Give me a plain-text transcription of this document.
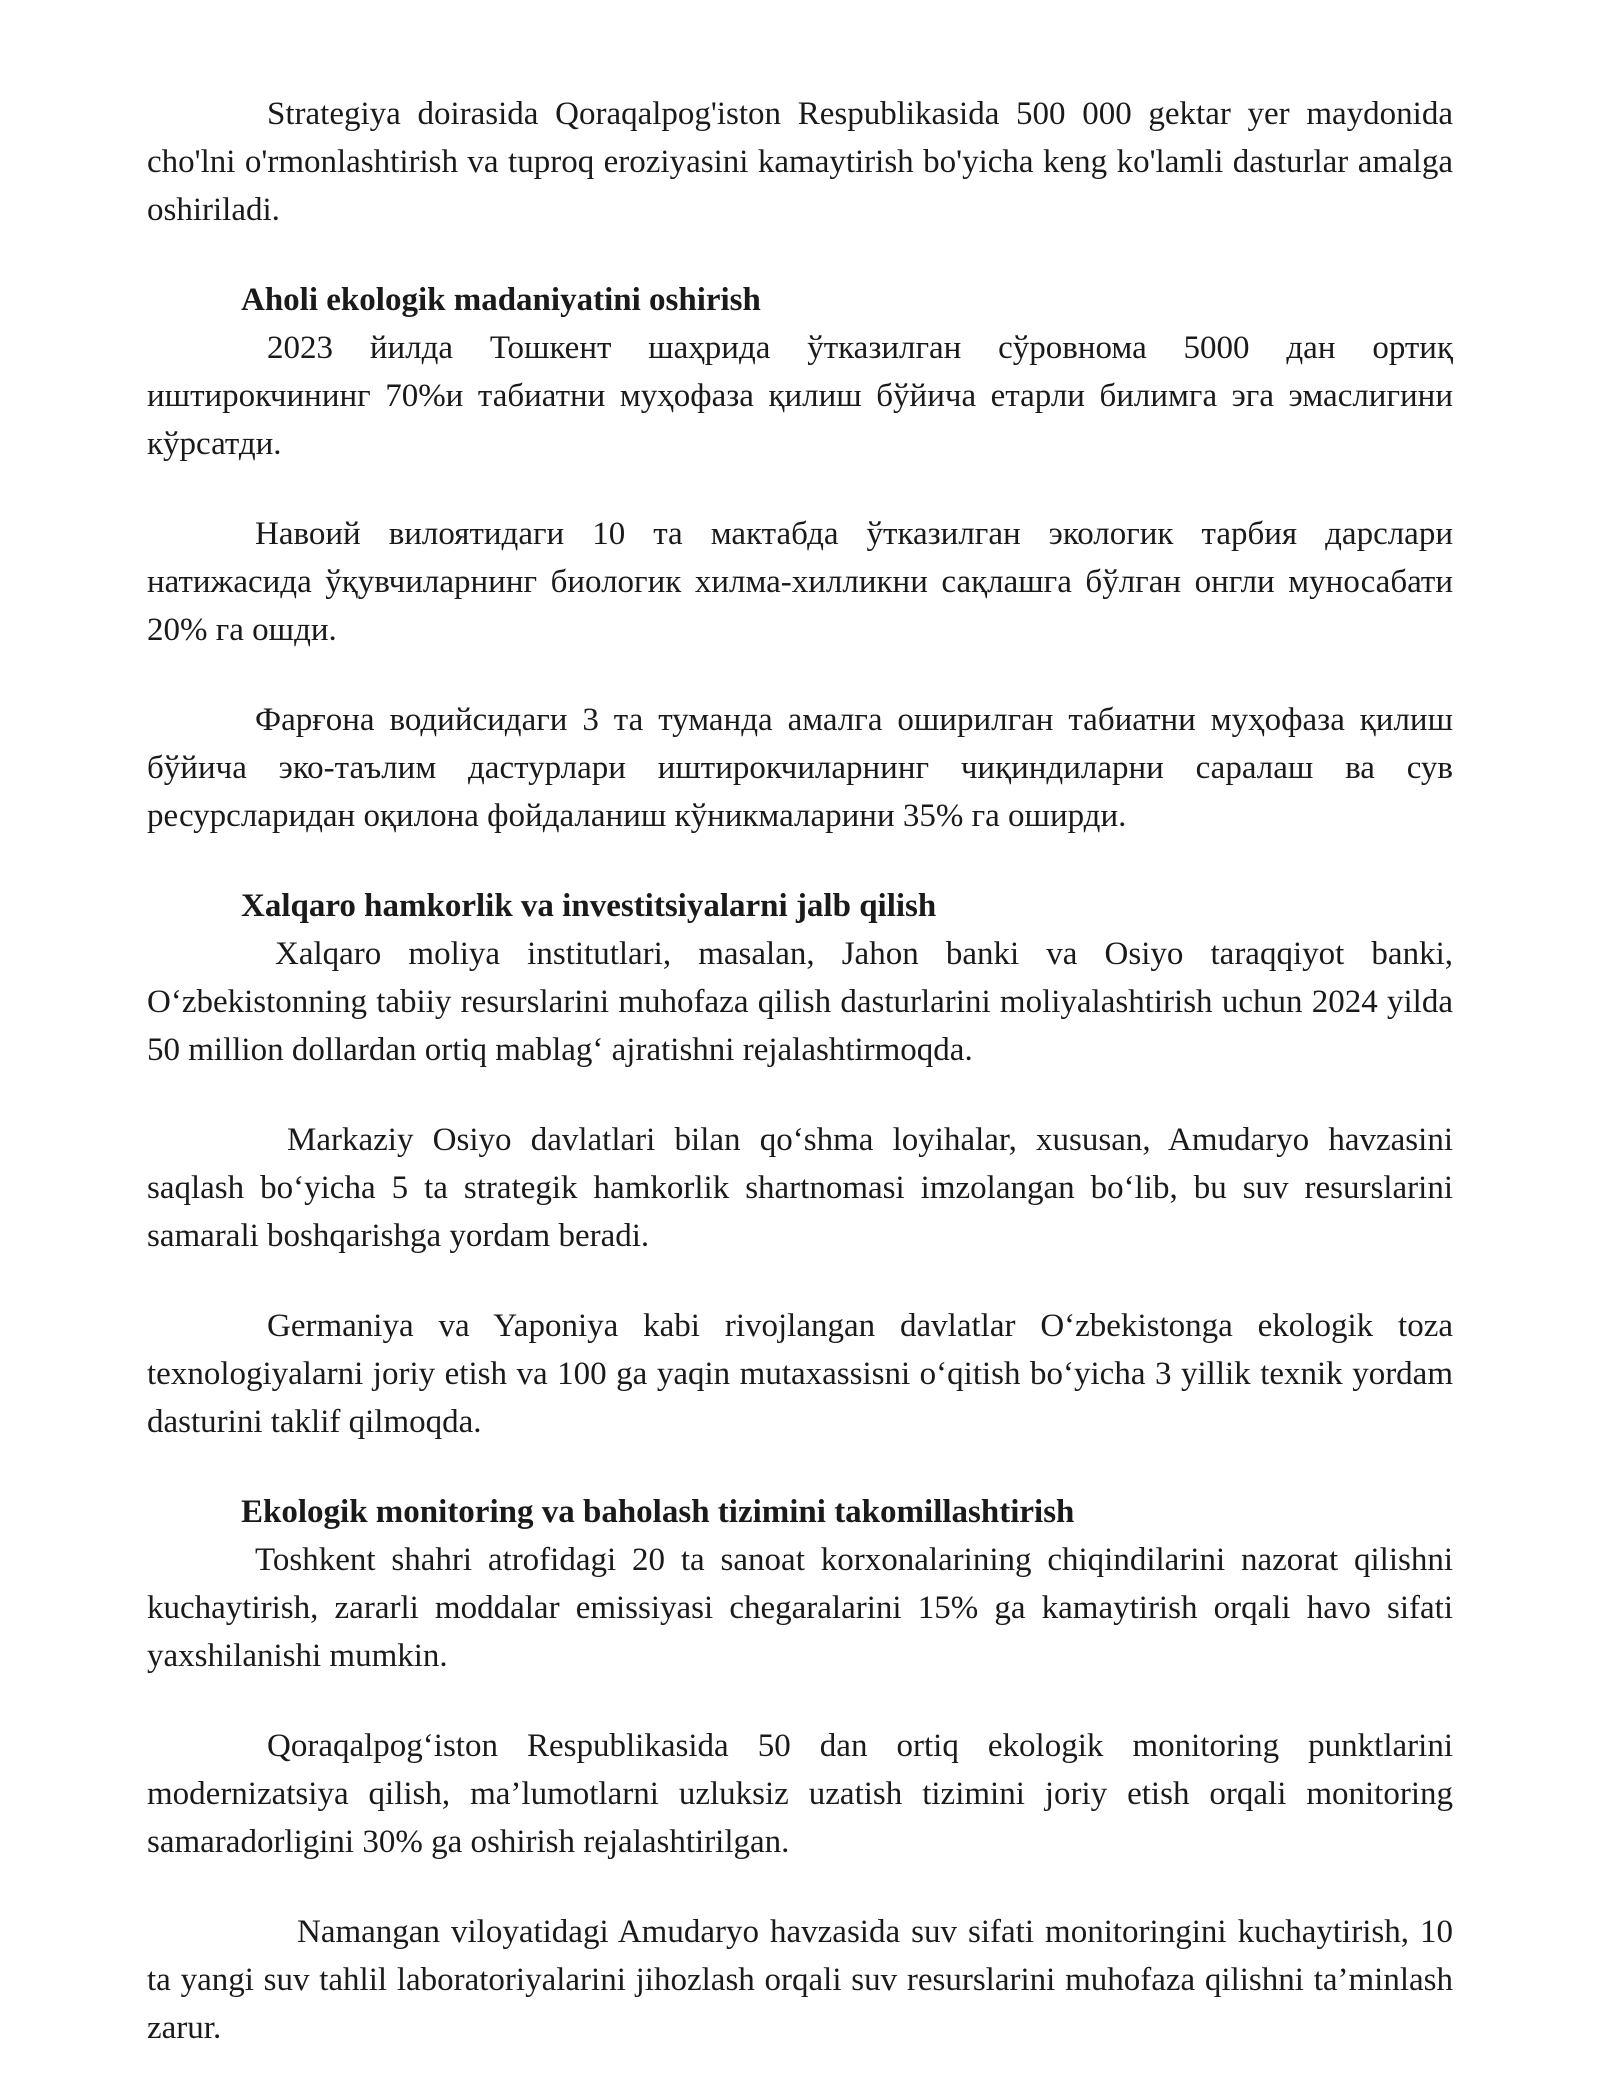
Strategiya doirasida Qoraqalpog'iston Respublikasida 500 000 gektar yer maydonida cho'lni o'rmonlashtirish va tuproq eroziyasini kamaytirish bo'yicha keng ko'lamli dasturlar amalga oshiriladi.

Aholi ekologik madaniyatini oshirish

2023 йилда Тошкент шаҳрида ўтказилган сўровнома 5000 дан ортиқ иштирокчининг 70%и табиатни муҳофаза қилиш бўйича етарли билимга эга эмаслигини кўрсатди.

Навоий вилоятидаги 10 та мактабда ўтказилган экологик тарбия дарслари натижасида ўқувчиларнинг биологик хилма-хилликни сақлашга бўлган онгли муносабати 20% га ошди.

Фарғона водийсидаги 3 та туманда амалга оширилган табиатни муҳофаза қилиш бўйича эко-таълим дастурлари иштирокчиларнинг чиқиндиларни саралаш ва сув ресурсларидан оқилона фойдаланиш кўникмаларини 35% га оширди.

Xalqaro hamkorlik va investitsiyalarni jalb qilish

Xalqaro moliya institutlari, masalan, Jahon banki va Osiyo taraqqiyot banki, Oʻzbekistonning tabiiy resurslarini muhofaza qilish dasturlarini moliyalashtirish uchun 2024 yilda 50 million dollardan ortiq mablagʻ ajratishni rejalashtirmoqda.

Markaziy Osiyo davlatlari bilan qoʻshma loyihalar, xususan, Amudaryo havzasini saqlash boʻyicha 5 ta strategik hamkorlik shartnomasi imzolangan boʻlib, bu suv resurslarini samarali boshqarishga yordam beradi.

Germaniya va Yaponiya kabi rivojlangan davlatlar Oʻzbekistonga ekologik toza texnologiyalarni joriy etish va 100 ga yaqin mutaxassisni oʻqitish boʻyicha 3 yillik texnik yordam dasturini taklif qilmoqda.

Ekologik monitoring va baholash tizimini takomillashtirish

Toshkent shahri atrofidagi 20 ta sanoat korxonalarining chiqindilarini nazorat qilishni kuchaytirish, zararli moddalar emissiyasi chegaralarini 15% ga kamaytirish orqali havo sifati yaxshilanishi mumkin.

Qoraqalpogʻiston Respublikasida 50 dan ortiq ekologik monitoring punktlarini modernizatsiya qilish, ma’lumotlarni uzluksiz uzatish tizimini joriy etish orqali monitoring samaradorligini 30% ga oshirish rejalashtirilgan.

Namangan viloyatidagi Amudaryo havzasida suv sifati monitoringini kuchaytirish, 10 ta yangi suv tahlil laboratoriyalarini jihozlash orqali suv resurslarini muhofaza qilishni ta’minlash zarur.
